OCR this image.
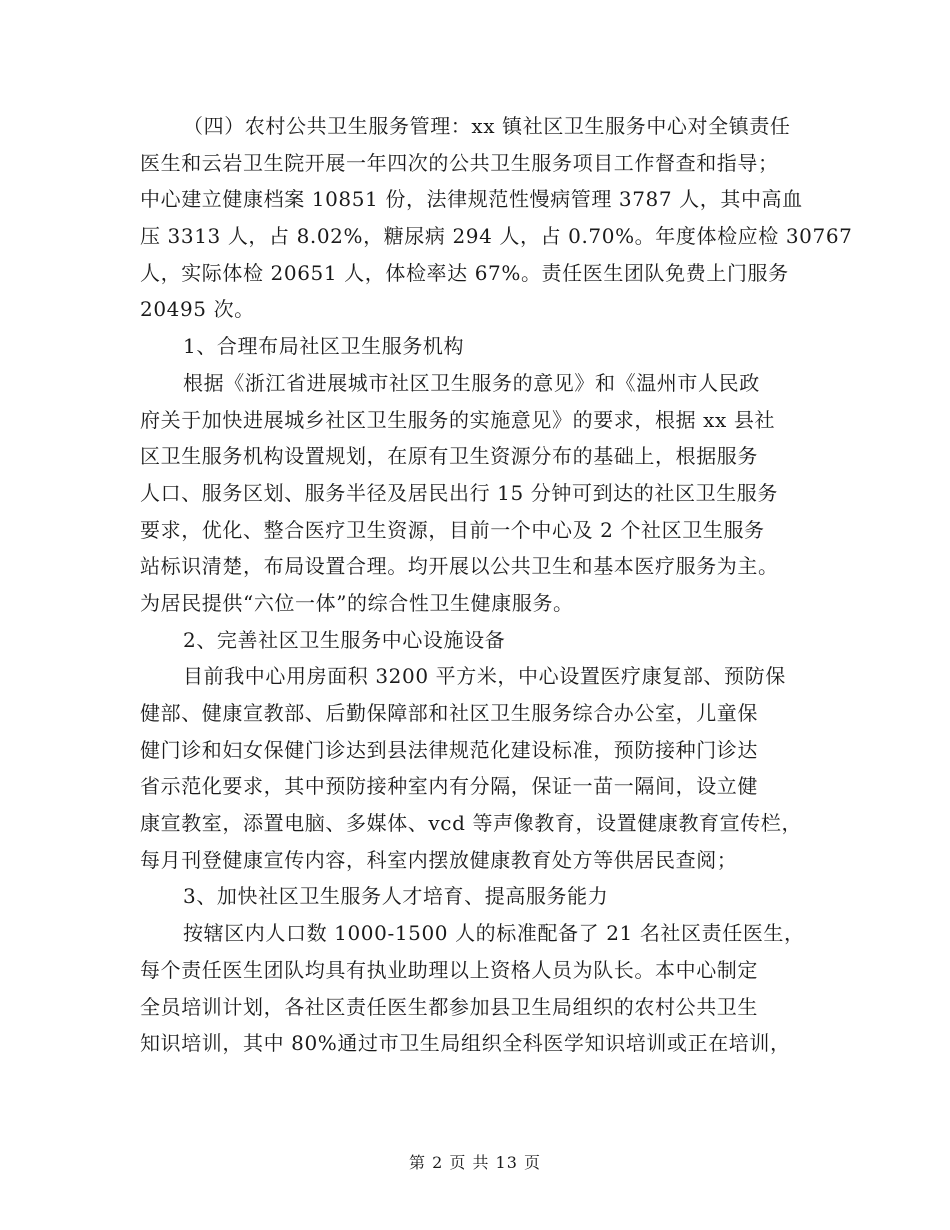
（四）农村公共卫生服务管理：xx 镇社区卫生服务中心对全镇责任
医生和云岩卫生院开展一年四次的公共卫生服务项目工作督查和指导；
中心建立健康档案 10851 份，法律规范性慢病管理 3787 人，其中高血
压 3313 人，占 8.02%，糖尿病 294 人，占 0.70%。年度体检应检 30767
人，实际体检 20651 人，体检率达 67%。责任医生团队免费上门服务
20495 次。
1、合理布局社区卫生服务机构
根据《浙江省进展城市社区卫生服务的意见》和《温州市人民政
府关于加快进展城乡社区卫生服务的实施意见》的要求，根据 xx 县社
区卫生服务机构设置规划，在原有卫生资源分布的基础上，根据服务
人口、服务区划、服务半径及居民出行 15 分钟可到达的社区卫生服务
要求，优化、整合医疗卫生资源，目前一个中心及 2 个社区卫生服务
站标识清楚，布局设置合理。均开展以公共卫生和基本医疗服务为主。
为居民提供“六位一体”的综合性卫生健康服务。
2、完善社区卫生服务中心设施设备
目前我中心用房面积 3200 平方米，中心设置医疗康复部、预防保
健部、健康宣教部、后勤保障部和社区卫生服务综合办公室，儿童保
健门诊和妇女保健门诊达到县法律规范化建设标准，预防接种门诊达
省示范化要求，其中预防接种室内有分隔，保证一苗一隔间，设立健
康宣教室，添置电脑、多媒体、vcd 等声像教育，设置健康教育宣传栏，
每月刊登健康宣传内容，科室内摆放健康教育处方等供居民查阅；
3、加快社区卫生服务人才培育、提高服务能力
按辖区内人口数 1000-1500 人的标准配备了 21 名社区责任医生，
每个责任医生团队均具有执业助理以上资格人员为队长。本中心制定
全员培训计划，各社区责任医生都参加县卫生局组织的农村公共卫生
知识培训，其中 80%通过市卫生局组织全科医学知识培训或正在培训，
第 2 页 共 13 页
